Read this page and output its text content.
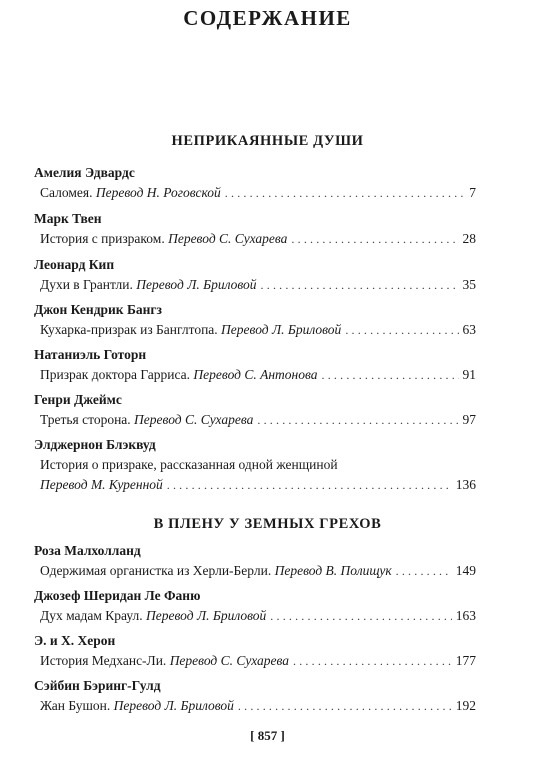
СОДЕРЖАНИЕ
НЕПРИКАЯННЫЕ ДУШИ
Амелия Эдвардс
Саломея. Перевод Н. Роговской .....	7
Марк Твен
История с призраком. Перевод С. Сухарева .....	28
Леонард Кип
Духи в Грантли. Перевод Л. Бриловой .....	35
Джон Кендрик Бангз
Кухарка-призрак из Банглтопа. Перевод Л. Бриловой .....	63
Натаниэль Готорн
Призрак доктора Гарриса. Перевод С. Антонова .....	91
Генри Джеймс
Третья сторона. Перевод С. Сухарева .....	97
Элджернон Блэквуд
История о призраке, рассказанная одной женщиной
Перевод М. Куренной .....	136
В ПЛЕНУ У ЗЕМНЫХ ГРЕХОВ
Роза Малхолланд
Одержимая органистка из Херли-Берли. Перевод В. Полищук .....	149
Джозеф Шеридан Ле Фаню
Дух мадам Краул. Перевод Л. Бриловой .....	163
Э. и Х. Херон
История Медханс-Ли. Перевод С. Сухарева .....	177
Сэйбин Бэринг-Гулд
Жан Бушон. Перевод Л. Бриловой .....	192
[ 857 ]
